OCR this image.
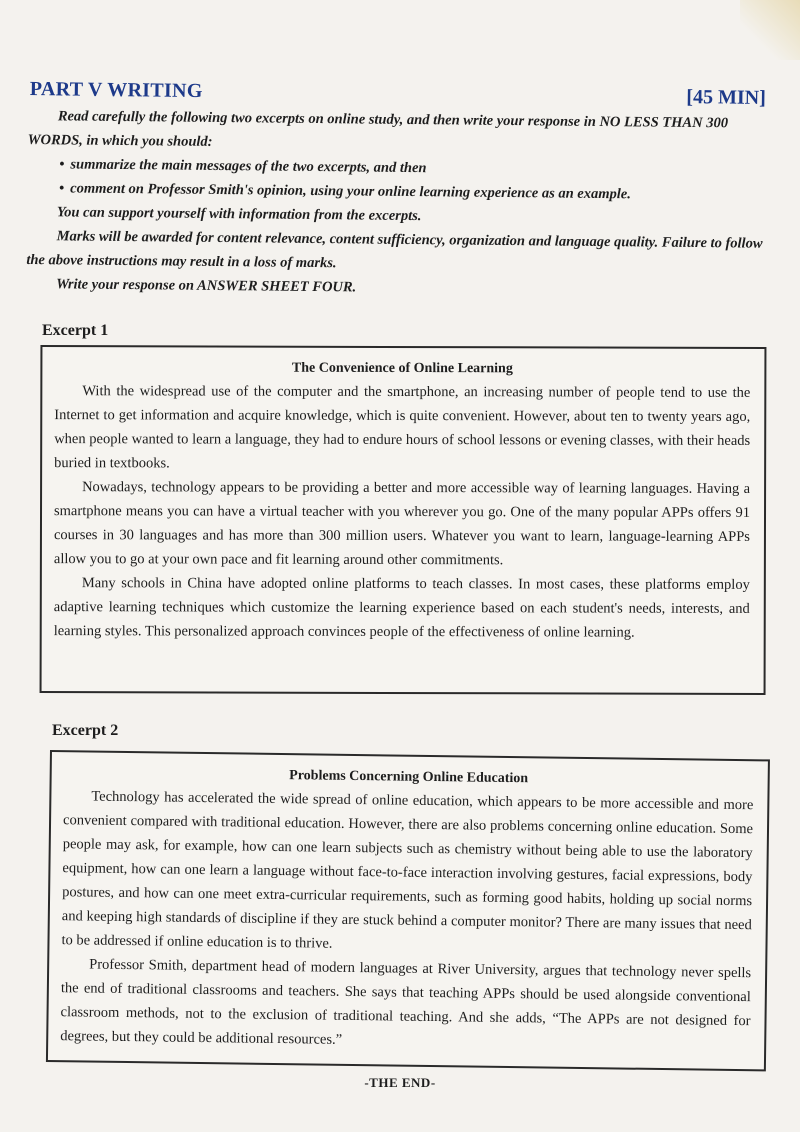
PART V WRITING	[45 MIN]

Read carefully the following two excerpts on online study, and then write your response in NO LESS THAN 300 WORDS, in which you should:

• summarize the main messages of the two excerpts, and then

• comment on Professor Smith's opinion, using your online learning experience as an example.

You can support yourself with information from the excerpts.

Marks will be awarded for content relevance, content sufficiency, organization and language quality. Failure to follow the above instructions may result in a loss of marks.

Write your response on ANSWER SHEET FOUR.

Excerpt 1
The Convenience of Online Learning

With the widespread use of the computer and the smartphone, an increasing number of people tend to use the Internet to get information and acquire knowledge, which is quite convenient. However, about ten to twenty years ago, when people wanted to learn a language, they had to endure hours of school lessons or evening classes, with their heads buried in textbooks.

Nowadays, technology appears to be providing a better and more accessible way of learning languages. Having a smartphone means you can have a virtual teacher with you wherever you go. One of the many popular APPs offers 91 courses in 30 languages and has more than 300 million users. Whatever you want to learn, language-learning APPs allow you to go at your own pace and fit learning around other commitments.

Many schools in China have adopted online platforms to teach classes. In most cases, these platforms employ adaptive learning techniques which customize the learning experience based on each student's needs, interests, and learning styles. This personalized approach convinces people of the effectiveness of online learning.

Excerpt 2
Problems Concerning Online Education

Technology has accelerated the wide spread of online education, which appears to be more accessible and more convenient compared with traditional education. However, there are also problems concerning online education. Some people may ask, for example, how can one learn subjects such as chemistry without being able to use the laboratory equipment, how can one learn a language without face-to-face interaction involving gestures, facial expressions, body postures, and how can one meet extra-curricular requirements, such as forming good habits, holding up social norms and keeping high standards of discipline if they are stuck behind a computer monitor? There are many issues that need to be addressed if online education is to thrive.

Professor Smith, department head of modern languages at River University, argues that technology never spells the end of traditional classrooms and teachers. She says that teaching APPs should be used alongside conventional classroom methods, not to the exclusion of traditional teaching. And she adds, “The APPs are not designed for degrees, but they could be additional resources.”

-THE END-
